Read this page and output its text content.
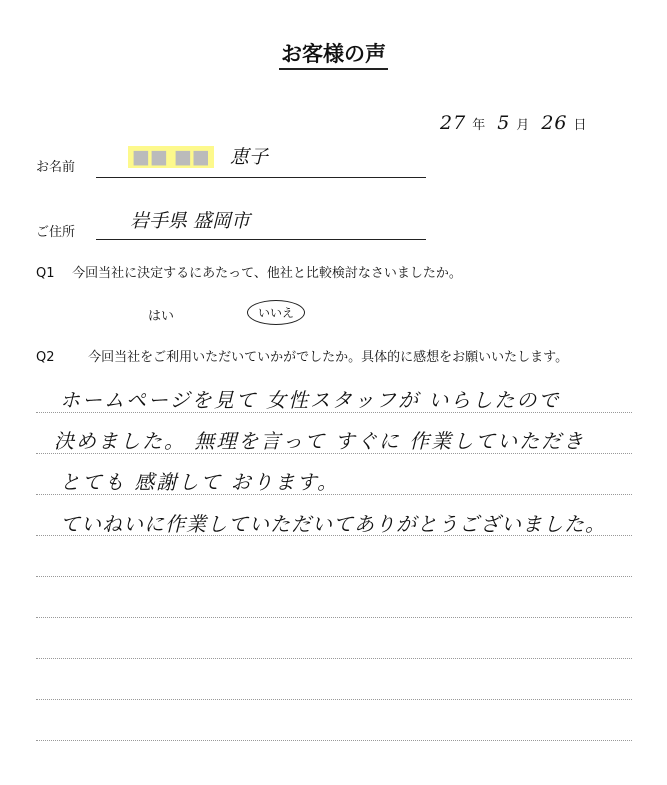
お客様の声
27 年 5 月 26 日
お名前	■■ ■■ 恵子
ご住所
岩手県 盛岡市
Q1 今回当社に決定するにあたって、他社と比較検討なさいましたか。
はい	いいえ
Q2	今回当社をご利用いただいていかがでしたか。具体的に感想をお願いいたします。
ホームページを見て 女性スタッフが いらしたので
決めました。 無理を言って すぐに 作業していただき
とても 感謝して おります。
ていねいに作業していただいてありがとうございました。
